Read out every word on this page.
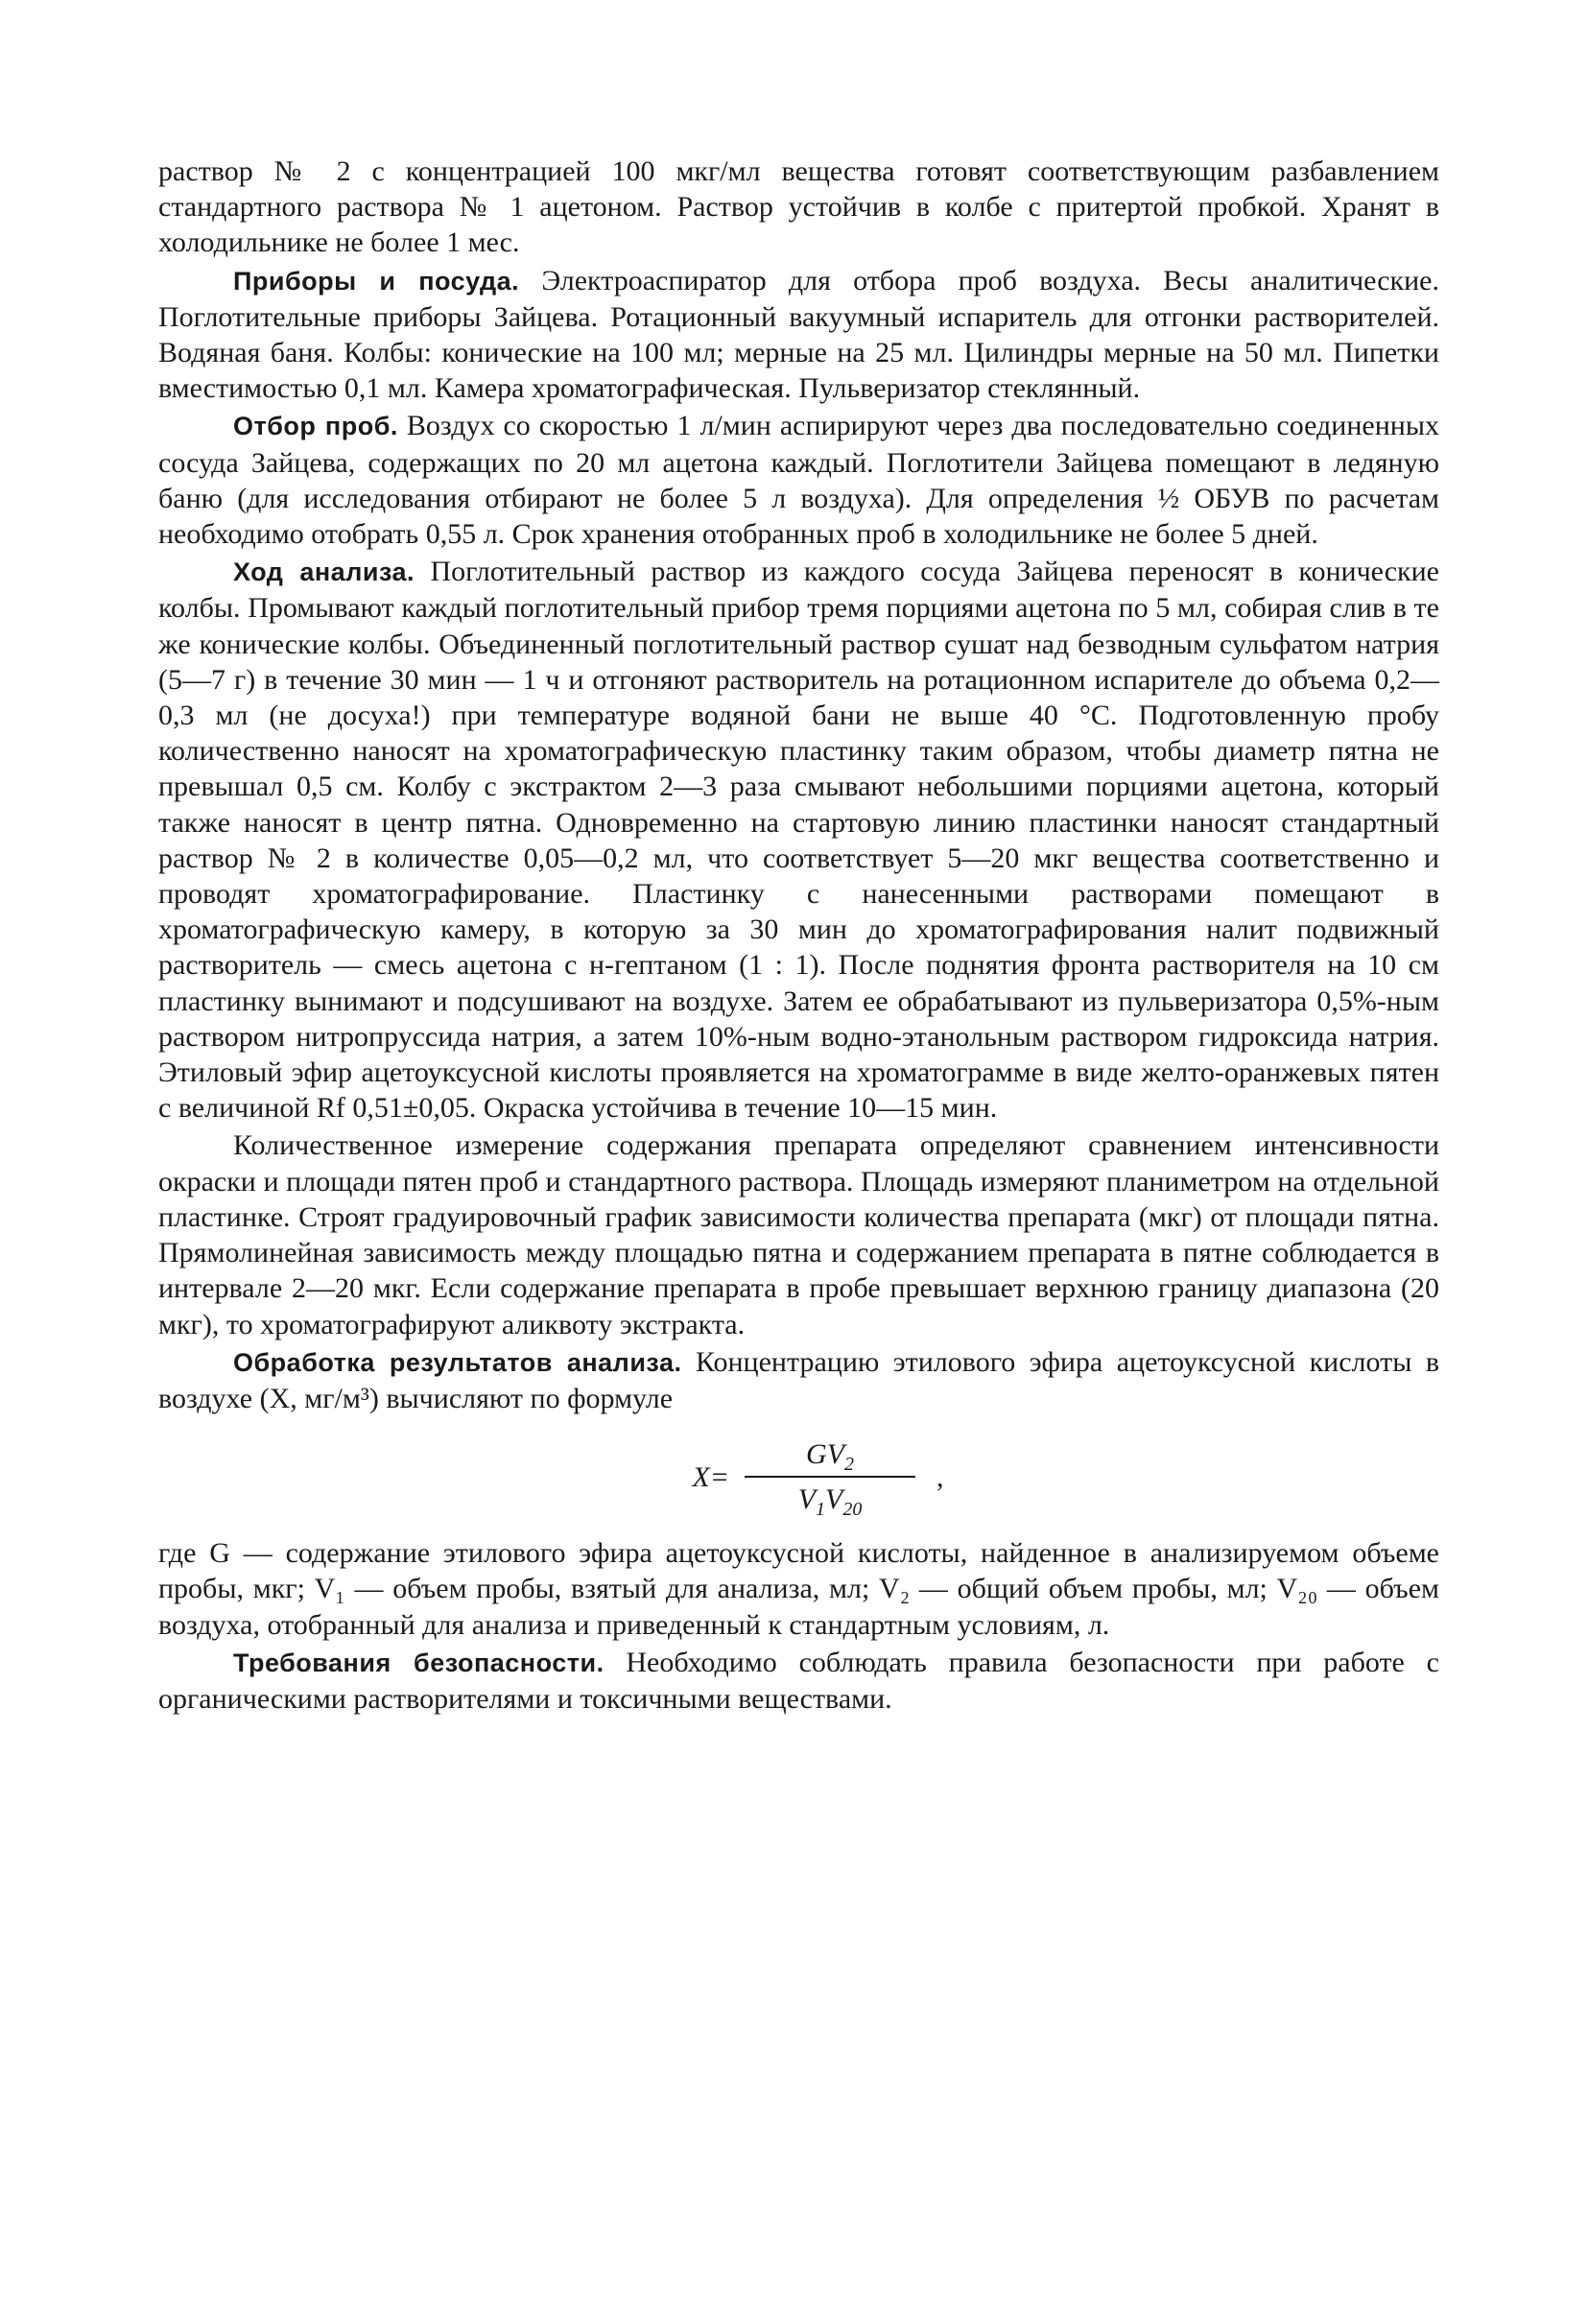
раствор № 2 с концентрацией 100 мкг/мл вещества готовят соответствующим разбавлением стандартного раствора № 1 ацетоном. Раствор устойчив в колбе с притертой пробкой. Хранят в холодильнике не более 1 мес.

Приборы и посуда. Электроаспиратор для отбора проб воздуха. Весы аналитические. Поглотительные приборы Зайцева. Ротационный вакуумный испаритель для отгонки растворителей. Водяная баня. Колбы: конические на 100 мл; мерные на 25 мл. Цилиндры мерные на 50 мл. Пипетки вместимостью 0,1 мл. Камера хроматографическая. Пульверизатор стеклянный.

Отбор проб. Воздух со скоростью 1 л/мин аспирируют через два последовательно соединенных сосуда Зайцева, содержащих по 20 мл ацетона каждый. Поглотители Зайцева помещают в ледяную баню (для исследования отбирают не более 5 л воздуха). Для определения ½ ОБУВ по расчетам необходимо отобрать 0,55 л. Срок хранения отобранных проб в холодильнике не более 5 дней.

Ход анализа. Поглотительный раствор из каждого сосуда Зайцева переносят в конические колбы. Промывают каждый поглотительный прибор тремя порциями ацетона по 5 мл, собирая слив в те же конические колбы. Объединенный поглотительный раствор сушат над безводным сульфатом натрия (5—7 г) в течение 30 мин — 1 ч и отгоняют растворитель на ротационном испарителе до объема 0,2—0,3 мл (не досуха!) при температуре водяной бани не выше 40 °С. Подготовленную пробу количественно наносят на хроматографическую пластинку таким образом, чтобы диаметр пятна не превышал 0,5 см. Колбу с экстрактом 2—3 раза смывают небольшими порциями ацетона, который также наносят в центр пятна. Одновременно на стартовую линию пластинки наносят стандартный раствор № 2 в количестве 0,05—0,2 мл, что соответствует 5—20 мкг вещества соответственно и проводят хроматографирование. Пластинку с нанесенными растворами помещают в хроматографическую камеру, в которую за 30 мин до хроматографирования налит подвижный растворитель — смесь ацетона с н-гептаном (1 : 1). После поднятия фронта растворителя на 10 см пластинку вынимают и подсушивают на воздухе. Затем ее обрабатывают из пульверизатора 0,5%-ным раствором нитропруссида натрия, а затем 10%-ным водно-этанольным раствором гидроксида натрия. Этиловый эфир ацетоуксусной кислоты проявляется на хроматограмме в виде желто-оранжевых пятен с величиной Rf 0,51±0,05. Окраска устойчива в течение 10—15 мин.

Количественное измерение содержания препарата определяют сравнением интенсивности окраски и площади пятен проб и стандартного раствора. Площадь измеряют планиметром на отдельной пластинке. Строят градуировочный график зависимости количества препарата (мкг) от площади пятна. Прямолинейная зависимость между площадью пятна и содержанием препарата в пятне соблюдается в интервале 2—20 мкг. Если содержание препарата в пробе превышает верхнюю границу диапазона (20 мкг), то хроматографируют аликвоту экстракта.

Обработка результатов анализа. Концентрацию этилового эфира ацетоуксусной кислоты в воздухе (X, мг/м³) вычисляют по формуле

$X= \frac{GV_2}{V_1V_{20}}$ ,

где G — содержание этилового эфира ацетоуксусной кислоты, найденное в анализируемом объеме пробы, мкг; V₁ — объем пробы, взятый для анализа, мл; V₂ — общий объем пробы, мл; V₂₀ — объем воздуха, отобранный для анализа и приведенный к стандартным условиям, л.

Требования безопасности. Необходимо соблюдать правила безопасности при работе с органическими растворителями и токсичными веществами.
